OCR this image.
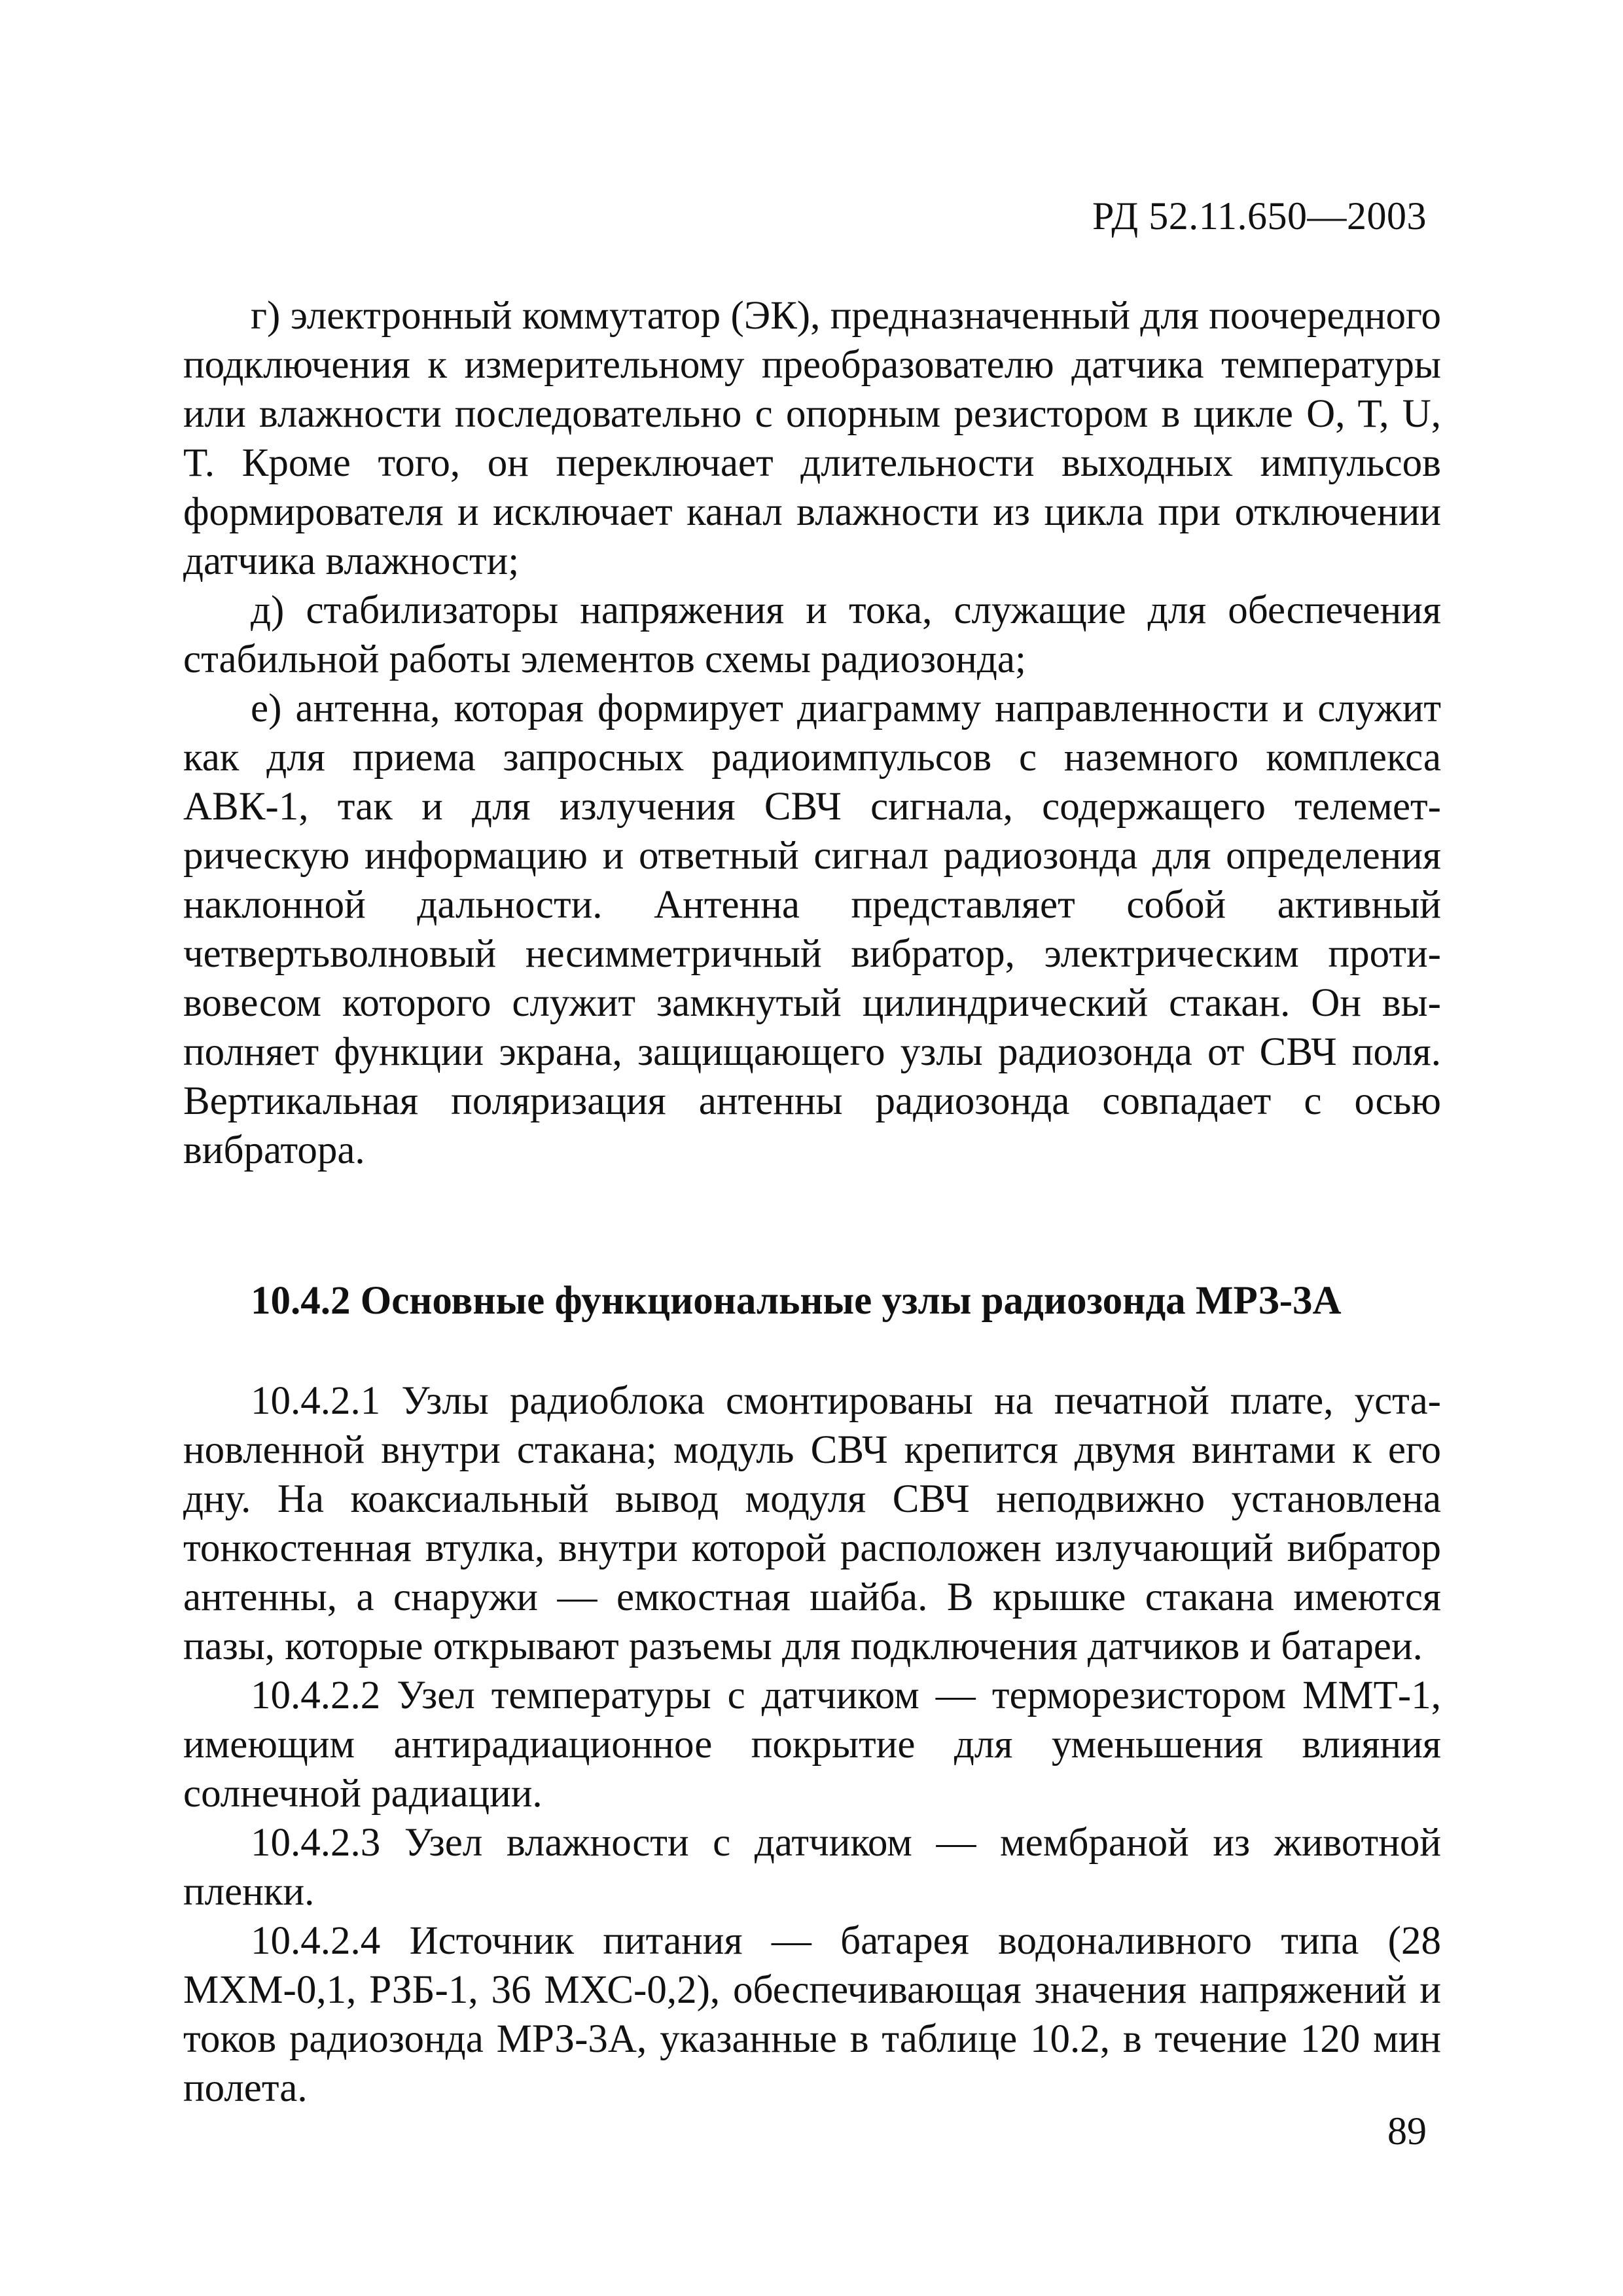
РД 52.11.650—2003

г) электронный коммутатор (ЭК), предназначенный для поочередного подключения к измерительному преобразователю датчика температуры или влажности последовательно с опорным резистором в цикле O, T, U, T. Кроме того, он переключает длительности выходных импульсов формирователя и исключает канал влажности из цикла при отключении датчика влажности;

д) стабилизаторы напряжения и тока, служащие для обеспечения стабильной работы элементов схемы радиозонда;

е) антенна, которая формирует диаграмму направленности и служит как для приема запросных радиоимпульсов с наземного комплекса АВК-1, так и для излучения СВЧ сигнала, содержащего телеметрическую информацию и ответный сигнал радиозонда для определения наклонной дальности. Антенна представляет собой активный четвертьволновый несимметричный вибратор, электрическим противовесом которого служит замкнутый цилиндрический стакан. Он выполняет функции экрана, защищающего узлы радиозонда от СВЧ поля. Вертикальная поляризация антенны радиозонда совпадает с осью вибратора.

10.4.2 Основные функциональные узлы радиозонда МРЗ-3А

10.4.2.1 Узлы радиоблока смонтированы на печатной плате, установленной внутри стакана; модуль СВЧ крепится двумя винтами к его дну. На коаксиальный вывод модуля СВЧ неподвижно установлена тонкостенная втулка, внутри которой расположен излучающий вибратор антенны, а снаружи — емкостная шайба. В крышке стакана имеются пазы, которые открывают разъемы для подключения датчиков и батареи.

10.4.2.2 Узел температуры с датчиком — терморезистором ММТ-1, имеющим антирадиационное покрытие для уменьшения влияния солнечной радиации.

10.4.2.3 Узел влажности с датчиком — мембраной из животной пленки.

10.4.2.4 Источник питания — батарея водоналивного типа (28 МХМ-0,1, РЗБ-1, 36 МХС-0,2), обеспечивающая значения напряжений и токов радиозонда МРЗ-3А, указанные в таблице 10.2, в течение 120 мин полета.

89
